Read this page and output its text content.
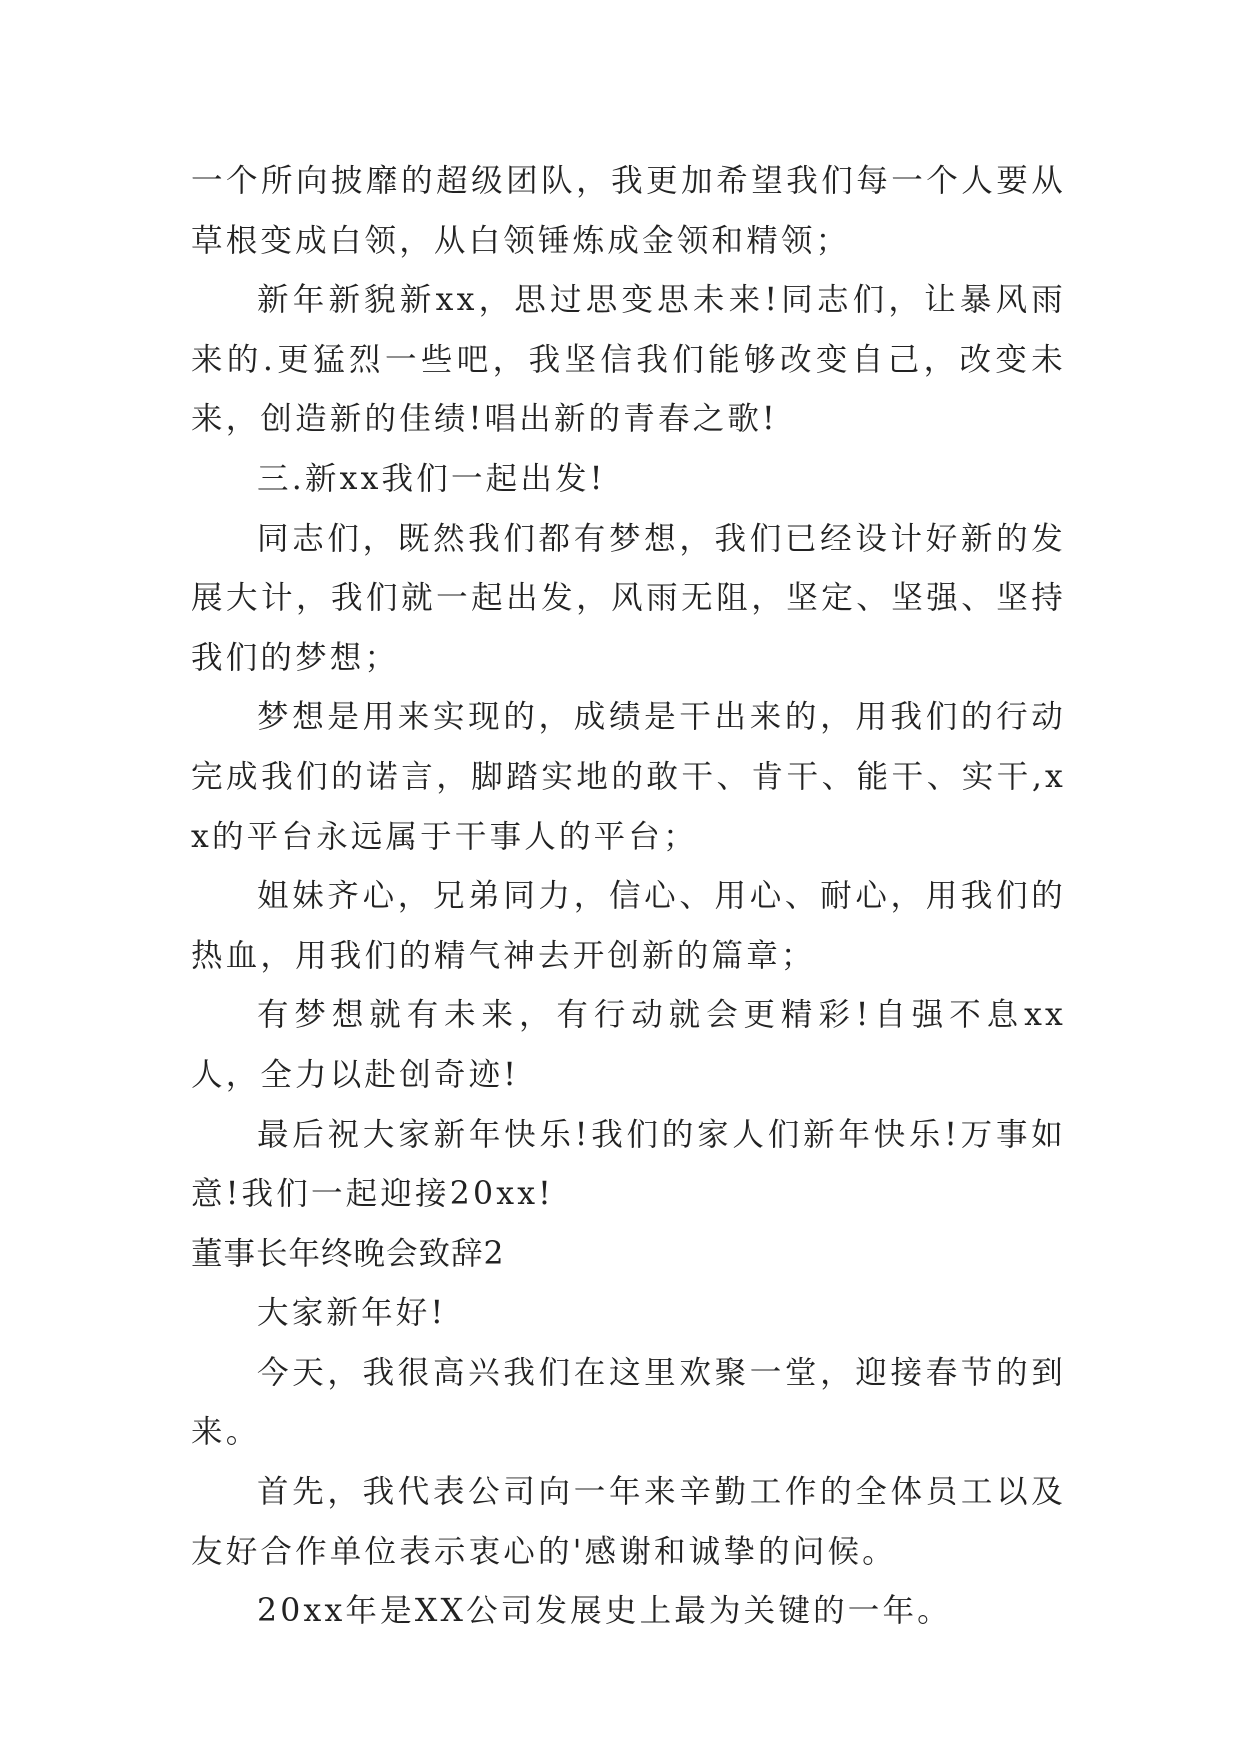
一个所向披靡的超级团队，我更加希望我们每一个人要从草根变成白领，从白领锤炼成金领和精领；

新年新貌新xx，思过思变思未来!同志们，让暴风雨来的.更猛烈一些吧，我坚信我们能够改变自己，改变未来，创造新的佳绩!唱出新的青春之歌!

三.新xx我们一起出发!

同志们，既然我们都有梦想，我们已经设计好新的发展大计，我们就一起出发，风雨无阻，坚定、坚强、坚持我们的梦想；

梦想是用来实现的，成绩是干出来的，用我们的行动完成我们的诺言，脚踏实地的敢干、肯干、能干、实干,xx的平台永远属于干事人的平台；

姐妹齐心，兄弟同力，信心、用心、耐心，用我们的热血，用我们的精气神去开创新的篇章；

有梦想就有未来，有行动就会更精彩!自强不息xx人，全力以赴创奇迹!

最后祝大家新年快乐!我们的家人们新年快乐!万事如意!我们一起迎接20xx!

董事长年终晚会致辞2

大家新年好!

今天，我很高兴我们在这里欢聚一堂，迎接春节的到来。

首先，我代表公司向一年来辛勤工作的全体员工以及友好合作单位表示衷心的'感谢和诚挚的问候。

20xx年是XX公司发展史上最为关键的一年。
